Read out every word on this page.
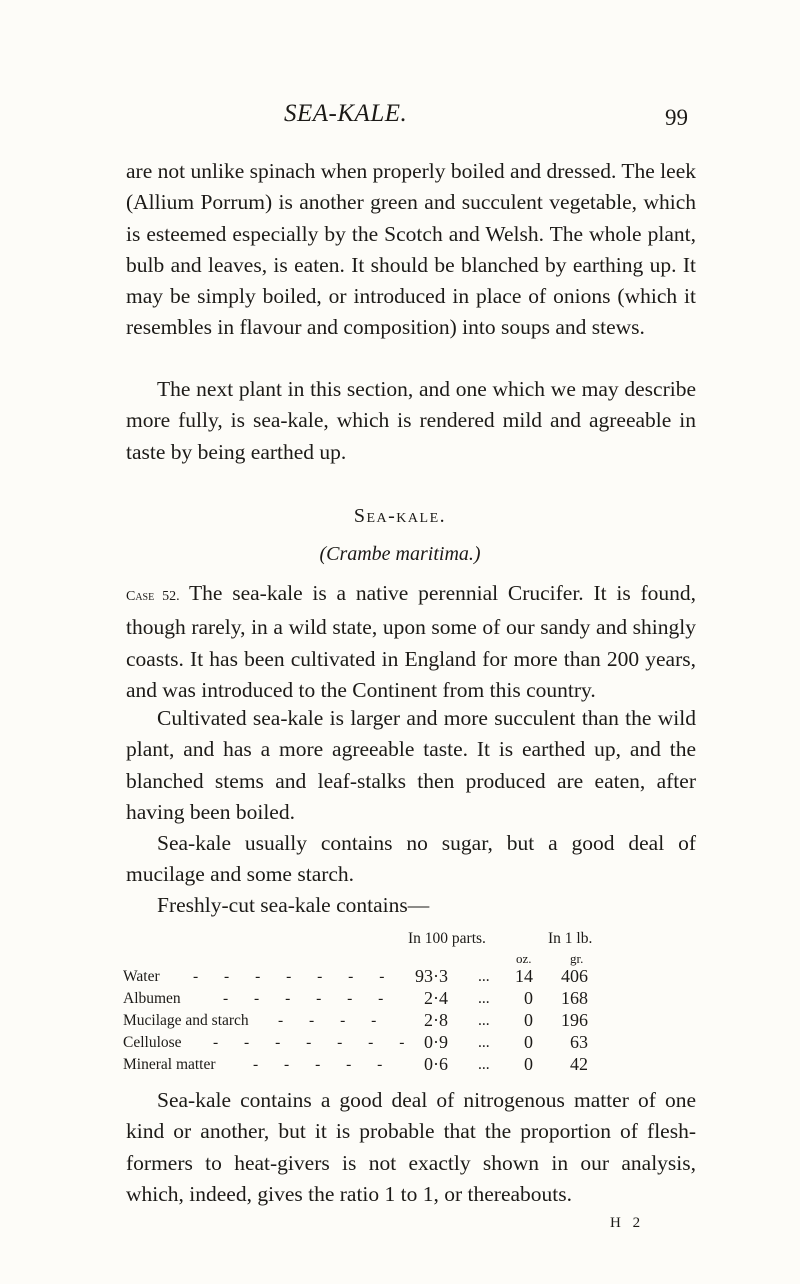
SEA-KALE.	99

are not unlike spinach when properly boiled and dressed. The leek (Allium Porrum) is another green and succulent vegetable, which is esteemed especially by the Scotch and Welsh. The whole plant, bulb and leaves, is eaten. It should be blanched by earthing up. It may be simply boiled, or introduced in place of onions (which it resembles in flavour and composition) into soups and stews.

The next plant in this section, and one which we may describe more fully, is sea-kale, which is rendered mild and agreeable in taste by being earthed up.

Sea-kale.
(Crambe maritima.)

Case 52. The sea-kale is a native perennial Crucifer. It is found, though rarely, in a wild state, upon some of our sandy and shingly coasts. It has been cultivated in England for more than 200 years, and was introduced to the Continent from this country.

Cultivated sea-kale is larger and more succulent than the wild plant, and has a more agreeable taste. It is earthed up, and the blanched stems and leaf-stalks then produced are eaten, after having been boiled.

Sea-kale usually contains no sugar, but a good deal of mucilage and some starch.

Freshly-cut sea-kale contains—

In 100 parts.	In 1 lb.
oz.	gr.
Water - - - - - - -	93·3 ...	14	406
Albumen	- - - - - -	2·4 ...	0	168
Mucilage and starch - - - -	2·8 ...	0	196
Cellulose - - - - - - - 0·9 ...	0	63
Mineral matter - - - - -	0·6 ...	0	42

Sea-kale contains a good deal of nitrogenous matter of one kind or another, but it is probable that the proportion of flesh-formers to heat-givers is not exactly shown in our analysis, which, indeed, gives the ratio 1 to 1, or thereabouts.

H 2
